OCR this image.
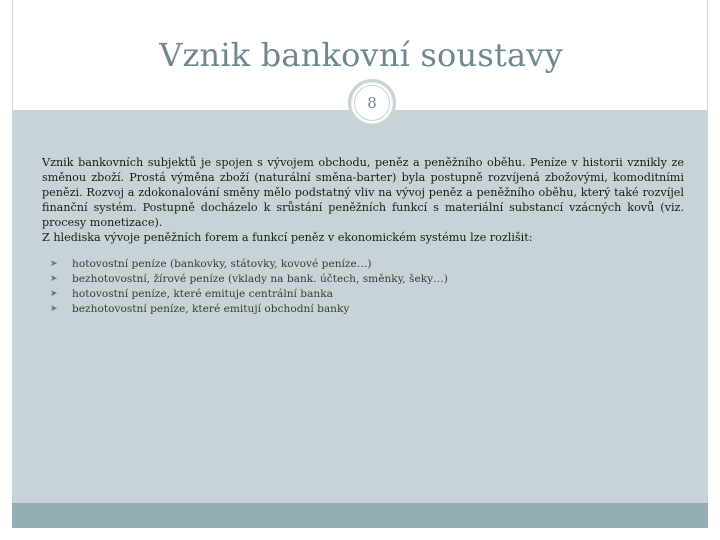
Vznik bankovní soustavy
8

Vznik bankovních subjektů je spojen s vývojem obchodu, peněz a peněžního oběhu. Peníze v historii vznikly ze směnou zboží. Prostá výměna zboží (naturální směna-barter) byla postupně rozvíjená zbožovými, komoditními penězi. Rozvoj a zdokonalování směny mělo podstatný vliv na vývoj peněz a peněžního oběhu, který také rozvíjel finanční systém. Postupně docházelo k srůstání peněžních funkcí s materiální substancí vzácných kovů (viz. procesy monetizace).

Z hlediska vývoje peněžních forem a funkcí peněz v ekonomickém systému lze rozlišit:

➤	hotovostní peníze (bankovky, státovky, kovové peníze…)
➤	bezhotovostní, žírové peníze (vklady na bank. účtech, směnky, šeky…)
➤	hotovostní peníze, které emituje centrální banka
➤	bezhotovostní peníze, které emitují obchodní banky
